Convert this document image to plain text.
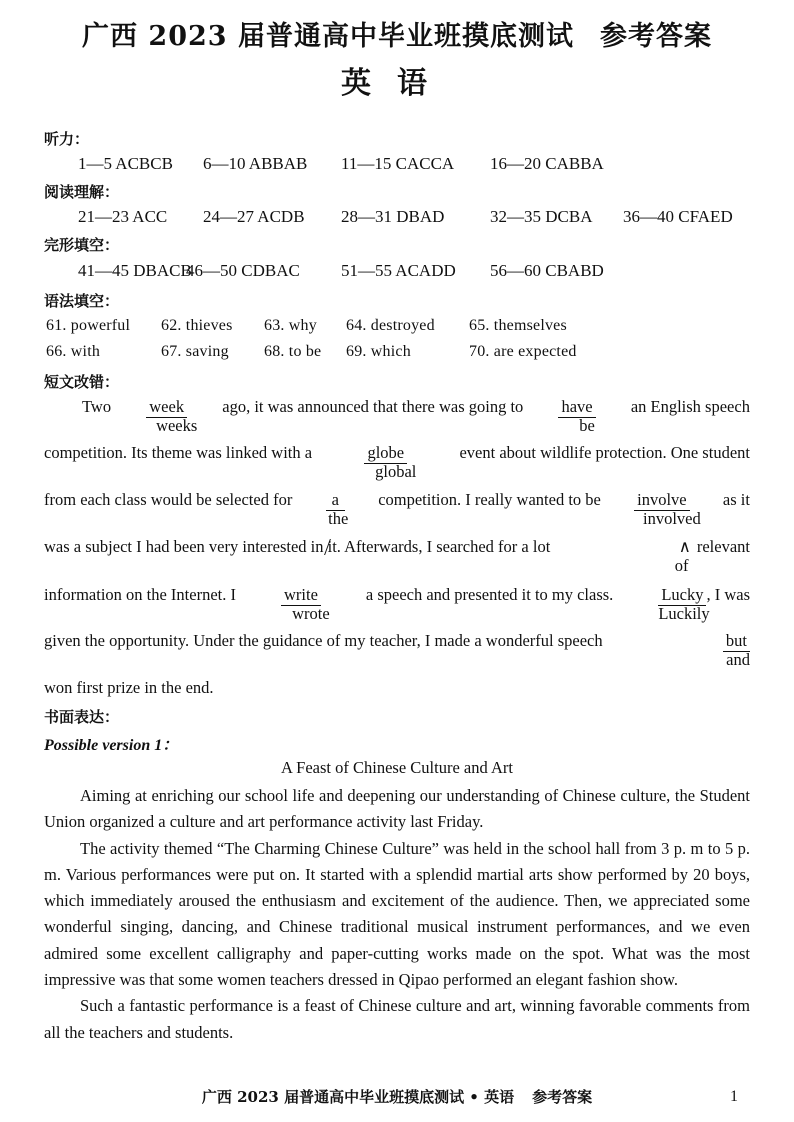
广西 2023 届普通高中毕业班摸底测试 参考答案
英语
听力：
1—5 ACBCB 6—10 ABBAB 11—15 CACCA 16—20 CABBA
阅读理解：
21—23 ACC 24—27 ACDB 28—31 DBAD	32—35 DCBA 36—40 CFAED
完形填空：
41—45 DBACB
46—50 CDBAC 51—55 ACADD 56—60 CBABD
语法填空：
61. powerful 62. thieves 63. why 64. destroyed 65. themselves
66. with	67. saving 68. to be 69. which	70. are expected
短文改错：
Two week
weeks
ago, it was announced that there was going to have
be
an English speech
competition. Its theme was linked with a	globe
global
event about wildlife protection. One student
from each class would be selected for	a
the
competition. I really wanted to be involve
involved
as it
was a subject I had been very interested in it. Afterwards, I searched for a lot	∧
of
relevant
information on the Internet. I	write
wrote
a speech and presented it to my class.	Lucky
Luckily
, I was
given the opportunity. Under the guidance of my teacher, I made a wonderful speech	but
and
won first prize in the end.
书面表达：
Possible version 1：
A Feast of Chinese Culture and Art

Aiming at enriching our school life and deepening our understanding of Chinese culture, the Student Union organized a culture and art performance activity last Friday.

The activity themed “The Charming Chinese Culture” was held in the school hall from 3 p. m to 5 p. m. Various performances were put on. It started with a splendid martial arts show performed by 20 boys, which immediately aroused the enthusiasm and excitement of the audience. Then, we appreciated some wonderful singing, dancing, and Chinese traditional musical instrument performances, and we even admired some excellent calligraphy and paper-cutting works made on the spot. What was the most impressive was that some women teachers dressed in Qipao performed an elegant fashion show.

Such a fantastic performance is a feast of Chinese culture and art, winning favorable comments from all the teachers and students.

广西 2023 届普通高中毕业班摸底测试 • 英语 参考答案	1
